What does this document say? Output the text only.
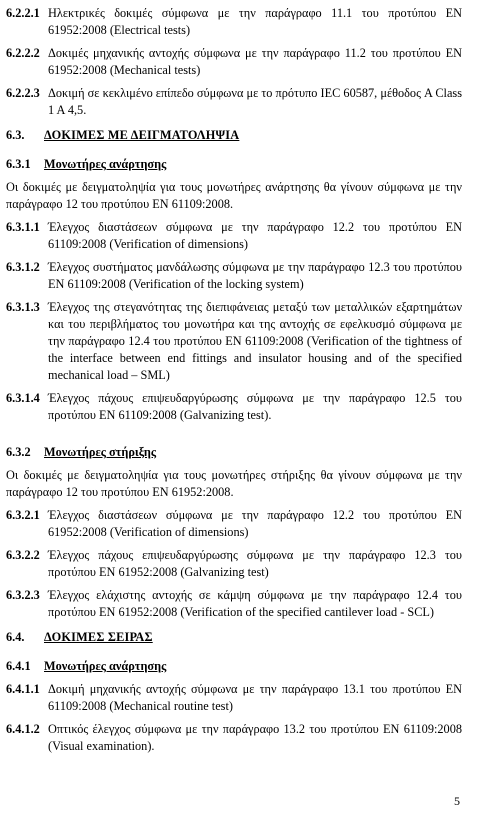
6.2.2.1 Ηλεκτρικές δοκιμές σύμφωνα με την παράγραφο 11.1 του προτύπου EN 61952:2008 (Electrical tests)
6.2.2.2 Δοκιμές μηχανικής αντοχής σύμφωνα με την παράγραφο 11.2 του προτύπου EN 61952:2008 (Mechanical tests)
6.2.2.3 Δοκιμή σε κεκλιμένο επίπεδο σύμφωνα με το πρότυπο IEC 60587, μέθοδος A Class 1 A 4,5.
6.3.	ΔΟΚΙΜΕΣ ΜΕ ΔΕΙΓΜΑΤΟΛΗΨΙΑ
6.3.1	Μονωτήρες ανάρτησης
Οι δοκιμές με δειγματοληψία για τους μονωτήρες ανάρτησης θα γίνουν σύμφωνα με την παράγραφο 12 του προτύπου EN 61109:2008.
6.3.1.1 Έλεγχος διαστάσεων σύμφωνα με την παράγραφο 12.2 του προτύπου EN 61109:2008 (Verification of dimensions)
6.3.1.2 Έλεγχος συστήματος μανδάλωσης σύμφωνα με την παράγραφο 12.3 του προτύπου EN 61109:2008 (Verification of the locking system)
6.3.1.3 Έλεγχος της στεγανότητας της διεπιφάνειας μεταξύ των μεταλλικών εξαρτημάτων και του περιβλήματος του μονωτήρα και της αντοχής σε εφελκυσμό σύμφωνα με την παράγραφο 12.4 του προτύπου EN 61109:2008 (Verification of the tightness of the interface between end fittings and insulator housing and of the specified mechanical load – SML)
6.3.1.4 Έλεγχος πάχους επιψευδαργύρωσης σύμφωνα με την παράγραφο 12.5 του προτύπου EN 61109:2008 (Galvanizing test).
6.3.2	Μονωτήρες στήριξης
Οι δοκιμές με δειγματοληψία για τους μονωτήρες στήριξης θα γίνουν σύμφωνα με την παράγραφο 12 του προτύπου EN 61952:2008.
6.3.2.1 Έλεγχος διαστάσεων σύμφωνα με την παράγραφο 12.2 του προτύπου EN 61952:2008 (Verification of dimensions)
6.3.2.2 Έλεγχος πάχους επιψευδαργύρωσης σύμφωνα με την παράγραφο 12.3 του προτύπου EN 61952:2008 (Galvanizing test)
6.3.2.3 Έλεγχος ελάχιστης αντοχής σε κάμψη σύμφωνα με την παράγραφο 12.4 του προτύπου EN 61952:2008 (Verification of the specified cantilever load - SCL)
6.4.	ΔΟΚΙΜΕΣ ΣΕΙΡΑΣ
6.4.1	Μονωτήρες ανάρτησης
6.4.1.1 Δοκιμή μηχανικής αντοχής σύμφωνα με την παράγραφο 13.1 του προτύπου EN 61109:2008 (Mechanical routine test)
6.4.1.2 Οπτικός έλεγχος σύμφωνα με την παράγραφο 13.2 του προτύπου EN 61109:2008 (Visual examination).
5
